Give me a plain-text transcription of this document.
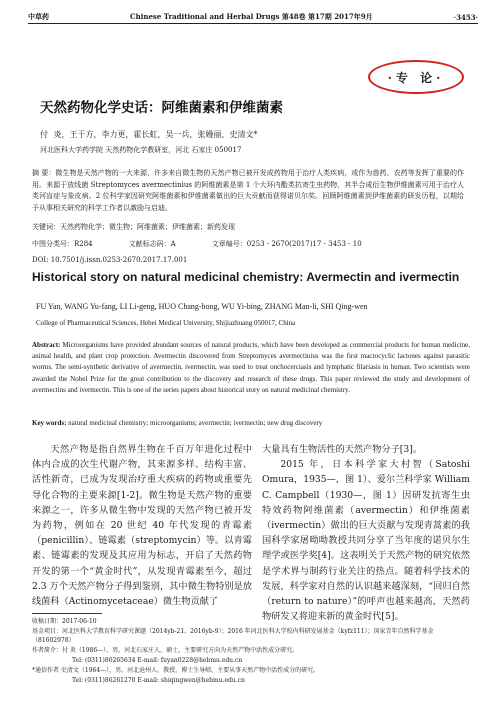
中草药	Chinese Traditional and Herbal Drugs 第48卷 第17期 2017年9月	·3453·
·专 论·
天然药物化学史话：阿维菌素和伊维菌素
付 炎，王于方，李力更，霍长虹，吴一兵，张嫚丽，史清文*
河北医科大学药学院 天然药物化学教研室，河北 石家庄 050017
摘 要：微生物是天然产物的一大来源，许多来自微生物的天然产物已被开发成药物用于治疗人类疾病，或作为兽药、农药等发挥了重要的作用。来源于放线菌 Streptomyces avermectinius 的阿维菌素是第 1 个大环内酯类抗寄生虫药物，其半合成衍生物伊维菌素可用于治疗人类河盲症与象皮病。2 位科学家因研究阿维菌素和伊维菌素做出的巨大贡献而获得诺贝尔奖。回顾阿维菌素到伊维菌素的研发历程，以期给予从事相关研究的科学工作者以激励与启迪。
关键词：天然药物化学；微生物；阿维菌素；伊维菌素；新药发现
中图分类号：R284	文献标志码：A	文章编号：0253 - 2670(2017)17 - 3453 - 10
DOI: 10.7501/j.issn.0253-2670.2017.17.001
Historical story on natural medicinal chemistry: Avermectin and ivermectin
FU Yan, WANG Yu-fang, LI Li-geng, HUO Chang-hong, WU Yi-bing, ZHANG Man-li, SHI Qing-wen
College of Pharmaceutical Sciences, Hebei Medical University, Shijiazhuang 050017, China
Abstract: Microorganisms have provided abundant sources of natural products, which have been developed as commercial products for human medicine, animal health, and plant crop protection. Avermectin discovered from Streptomyces avermectinius was the first macrocyclic lactones against parasitic worms. The semi-synthetic derivative of avermectin, ivermectin, was used to treat onchocerciasis and lymphatic filariasis in human. Two scientists were awarded the Nobel Prize for the great contribution to the discovery and research of these drugs. This paper reviewed the study and development of avermectins and ivermectin. This is one of the series papers about historical story on natural medicinal chemistry.
Key words: natural medicinal chemistry; microorganisms; avermectin; ivermectin; new drug discovery

天然产物是指自然界生物在千百万年进化过程中体内合成的次生代谢产物，其来源多样、结构丰富、活性新奇，已成为发现治疗重大疾病的药物或重要先导化合物的主要来源[1-2]。微生物是天然产物的重要来源之一，许多从微生物中发现的天然产物已被开发为药物，例如在 20 世纪 40 年代发现的青霉素（penicillin）、链霉素（streptomycin）等。以青霉素、链霉素的发现及其应用为标志，开启了天然药物开发的第一个“黄金时代”，从发现青霉素至今，超过 2.3 万个天然产物分子得到鉴别，其中微生物特别是放线菌科（Actinomycetaceae）微生物贡献了

大量具有生物活性的天然产物分子[3]。

2015 年，日本科学家大村智（Satoshi Omura，1935—，图 1）、爱尔兰科学家 William C. Campbell（1930—，图 1）因研发抗寄生虫特效药物阿维菌素（avermectin）和伊维菌素（ivermectin）做出的巨大贡献与发现青蒿素的我国科学家屠呦呦教授共同分享了当年度的诺贝尔生理学或医学奖[4]。这表明关于天然产物的研究依然是学术界与制药行业关注的热点。随着科学技术的发展，科学家对自然的认识越来越深刻，“回归自然（return to nature）”的呼声也越来越高，天然药物研发又将迎来新的黄金时代[5]。

收稿日期：2017-06-10
基金项目：河北医科大学教育科学研究课题（2014yb-21、2016yb-9）；2016 年河北医科大学校内科研发展基金（kyfz111）；国家青年自然科学基金（81602978）
作者简介：付 炎（1986—），男，河北石家庄人，硕士，主要研究方向为天然产物中活性成分研究。
Tel: (0311)86265634 E-mail: fuyan0228@hebmu.edu.cn
*通信作者 史清文（1964—），男，河北沧州人，教授，博士生导师，主要从事天然产物中活性成分的研究。
Tel: (0311)86261270 E-mail: shiqingwen@hebmu.edu.cn
